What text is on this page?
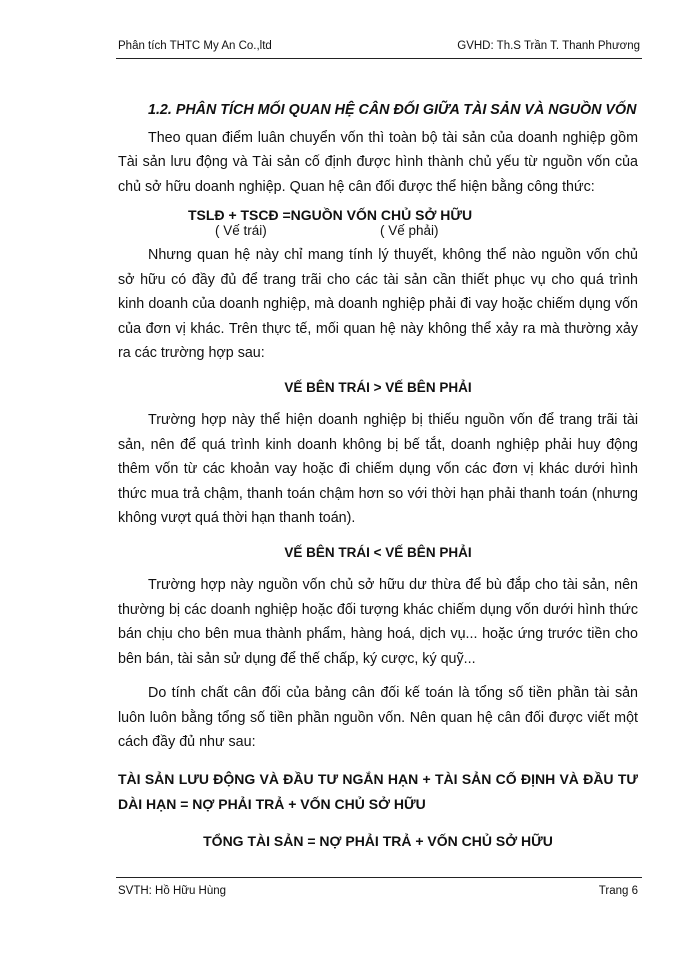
Phân tích THTC My An Co.,ltd	GVHD: Th.S Trần T. Thanh Phương
1.2. PHÂN TÍCH MỐI QUAN HỆ CÂN ĐỐI GIỮA TÀI SẢN VÀ NGUỒN VỐN

Theo quan điểm luân chuyển vốn thì toàn bộ tài sản của doanh nghiệp gồm Tài sản lưu động và Tài sản cố định được hình thành chủ yếu từ nguồn vốn của chủ sở hữu doanh nghiệp. Quan hệ cân đối được thể hiện bằng công thức:

TSLĐ + TSCĐ =NGUỒN VỐN CHỦ SỞ HỮU
( Vế trái)	( Vế phải)

Nhưng quan hệ này chỉ mang tính lý thuyết, không thể nào nguồn vốn chủ sở hữu có đầy đủ để trang trãi cho các tài sản cần thiết phục vụ cho quá trình kinh doanh của doanh nghiệp, mà doanh nghiệp phải đi vay hoặc chiếm dụng vốn của đơn vị khác. Trên thực tế, mối quan hệ này không thể xảy ra mà thường xảy ra các trường hợp sau:

VẾ BÊN TRÁI > VẾ BÊN PHẢI

Trường hợp này thể hiện doanh nghiệp bị thiếu nguồn vốn để trang trãi tài sản, nên để quá trình kinh doanh không bị bế tắt, doanh nghiệp phải huy động thêm vốn từ các khoản vay hoặc đi chiếm dụng vốn các đơn vị khác dưới hình thức mua trả chậm, thanh toán chậm hơn so với thời hạn phải thanh toán (nhưng không vượt quá thời hạn thanh toán).

VẾ BÊN TRÁI < VẾ BÊN PHẢI

Trường hợp này nguồn vốn chủ sở hữu dư thừa để bù đắp cho tài sản, nên thường bị các doanh nghiệp hoặc đối tượng khác chiếm dụng vốn dưới hình thức bán chịu cho bên mua thành phẩm, hàng hoá, dịch vụ... hoặc ứng trước tiền cho bên bán, tài sản sử dụng để thế chấp, ký cược, ký quỹ...

Do tính chất cân đối của bảng cân đối kế toán là tổng số tiền phần tài sản luôn luôn bằng tổng số tiền phần nguồn vốn. Nên quan hệ cân đối được viết một cách đầy đủ như sau:

TÀI SẢN LƯU ĐỘNG VÀ ĐẦU TƯ NGẮN HẠN + TÀI SẢN CỐ ĐỊNH VÀ ĐẦU TƯ DÀI HẠN = NỢ PHẢI TRẢ + VỐN CHỦ SỞ HỮU
TỔNG TÀI SẢN = NỢ PHẢI TRẢ + VỐN CHỦ SỞ HỮU
SVTH: Hồ Hữu Hùng	Trang 6
